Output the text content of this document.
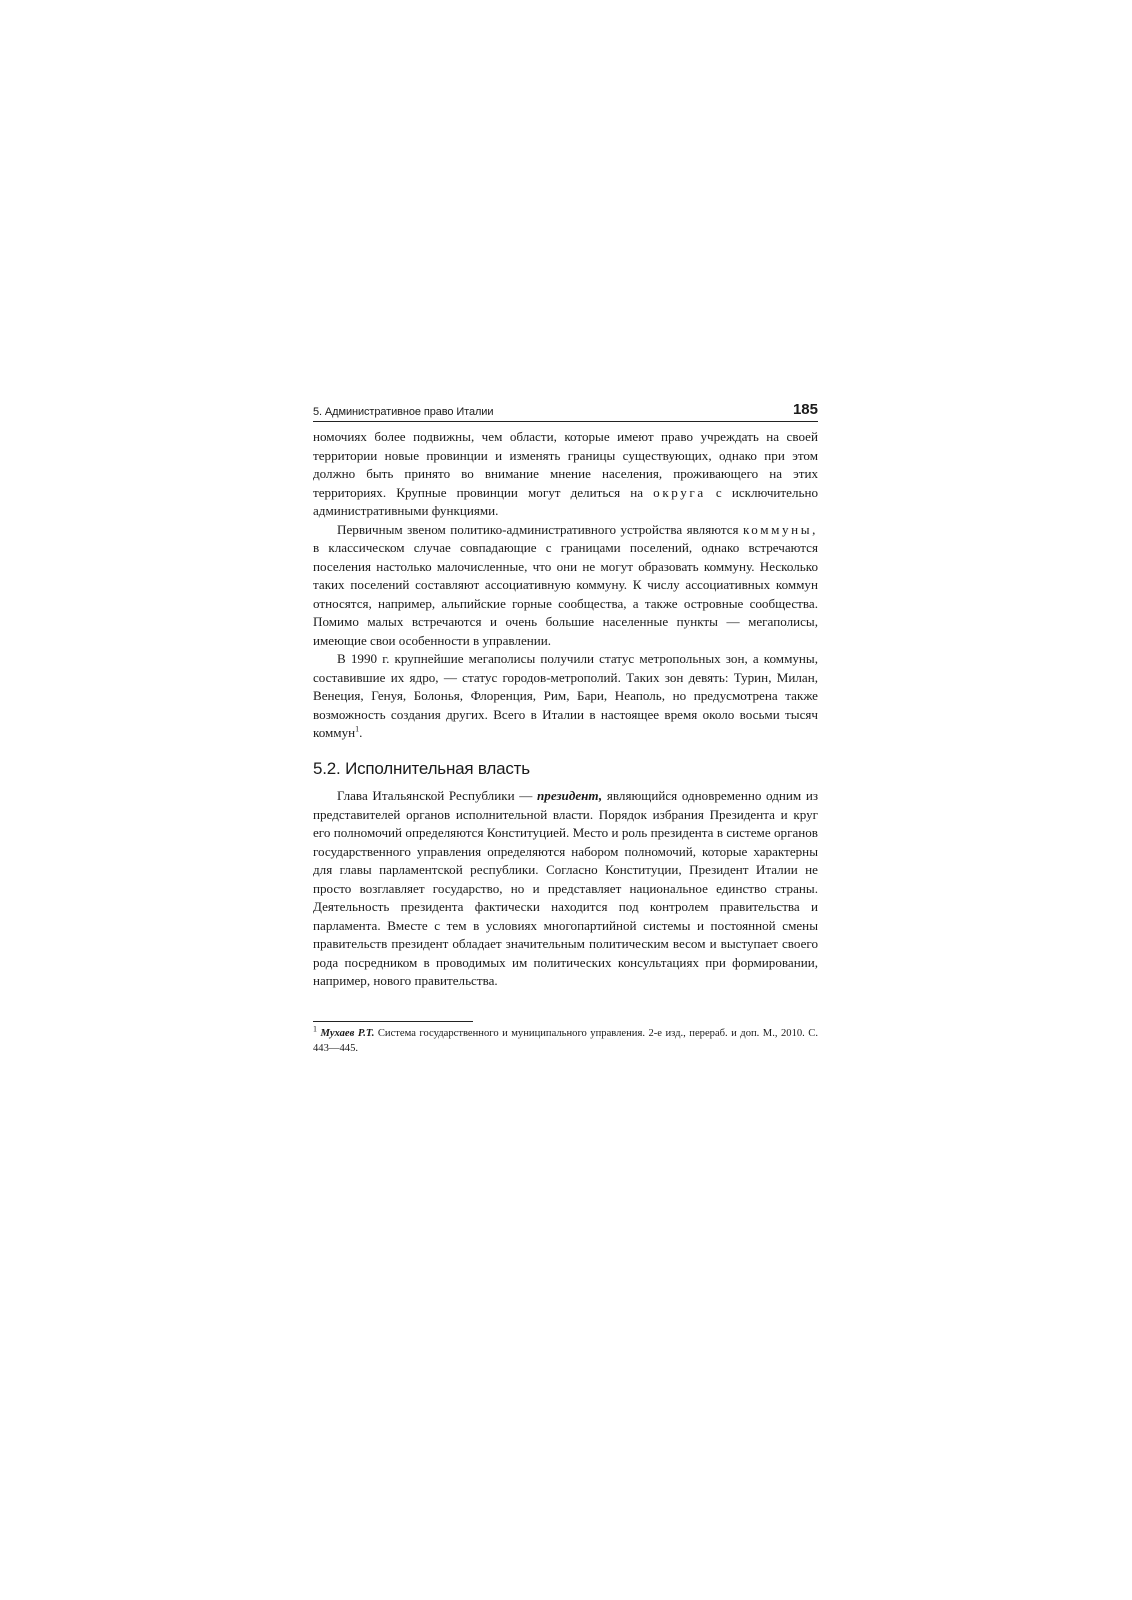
5. Административное право Италии	185

номочиях более подвижны, чем области, которые имеют право учреждать на своей территории новые провинции и изменять границы существующих, однако при этом должно быть принято во внимание мнение населения, проживающего на этих территориях. Крупные провинции могут делиться на округа с исключительно административными функциями.

Первичным звеном политико-административного устройства являются коммуны, в классическом случае совпадающие с границами поселений, однако встречаются поселения настолько малочисленные, что они не могут образовать коммуну. Несколько таких поселений составляют ассоциативную коммуну. К числу ассоциативных коммун относятся, например, альпийские горные сообщества, а также островные сообщества. Помимо малых встречаются и очень большие населенные пункты — мегаполисы, имеющие свои особенности в управлении.

В 1990 г. крупнейшие мегаполисы получили статус метропольных зон, а коммуны, составившие их ядро, — статус городов-метрополий. Таких зон девять: Турин, Милан, Венеция, Генуя, Болонья, Флоренция, Рим, Бари, Неаполь, но предусмотрена также возможность создания других. Всего в Италии в настоящее время около восьми тысяч коммун$^1$.

5.2. Исполнительная власть

Глава Итальянской Республики — президент, являющийся одновременно одним из представителей органов исполнительной власти. Порядок избрания Президента и круг его полномочий определяются Конституцией. Место и роль президента в системе органов государственного управления определяются набором полномочий, которые характерны для главы парламентской республики. Согласно Конституции, Президент Италии не просто возглавляет государство, но и представляет национальное единство страны. Деятельность президента фактически находится под контролем правительства и парламента. Вместе с тем в условиях многопартийной системы и постоянной смены правительств президент обладает значительным политическим весом и выступает своего рода посредником в проводимых им политических консультациях при формировании, например, нового правительства.

$^1$ Мухаев Р.Т. Система государственного и муниципального управления. 2-е изд., перераб. и доп. М., 2010. С. 443—445.
